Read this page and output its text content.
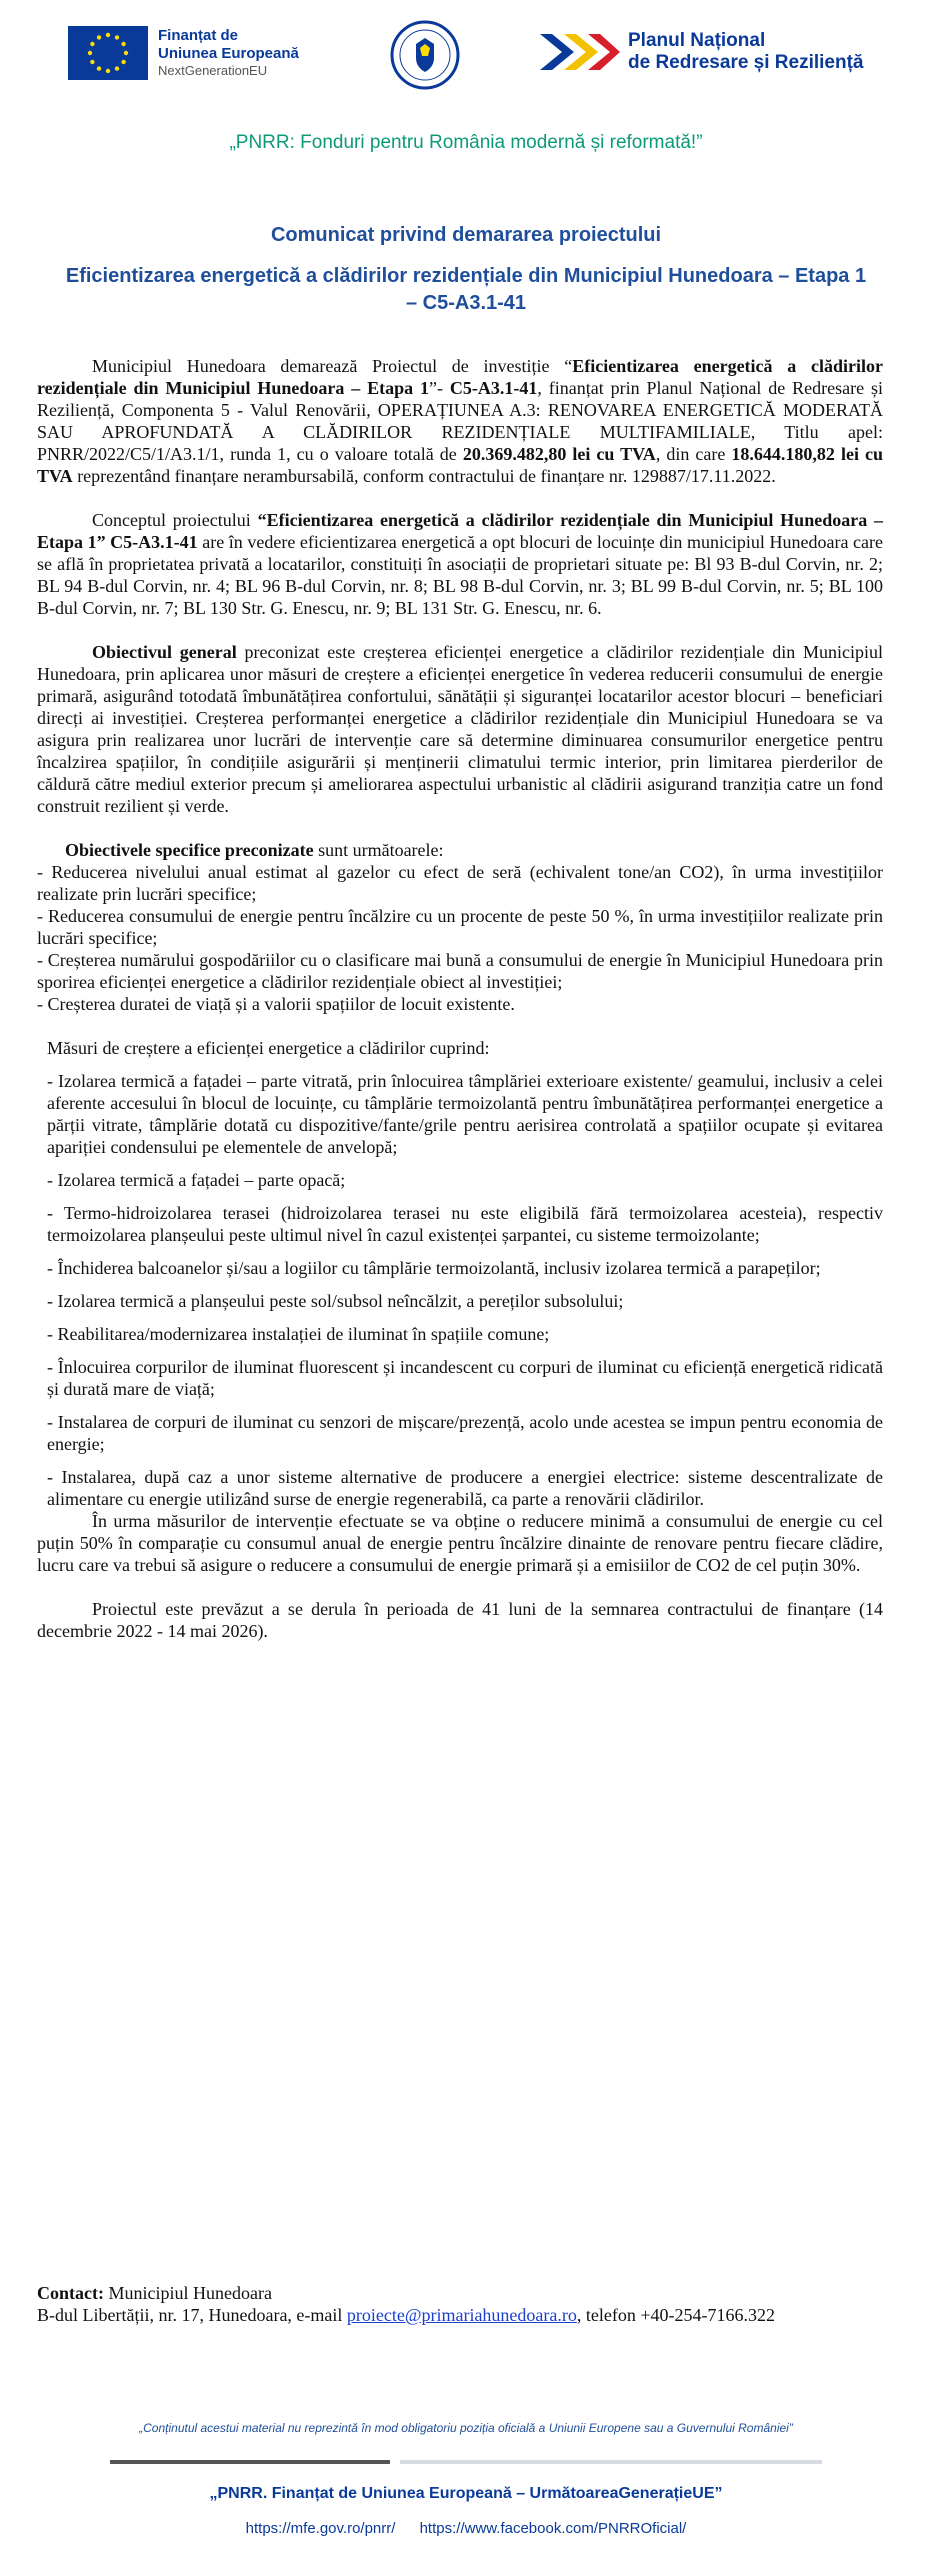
Finanțat de
Uniunea Europeană
NextGenerationEU
Planul Național
de Redresare și Reziliență
„PNRR: Fonduri pentru România modernă și reformată!”
Comunicat privind demararea proiectului
Eficientizarea energetică a clădirilor rezidențiale din Municipiul Hunedoara – Etapa 1 – C5-A3.1-41

Municipiul Hunedoara demarează Proiectul de investiție “Eficientizarea energetică a clădirilor rezidențiale din Municipiul Hunedoara – Etapa 1”- C5-A3.1-41, finanțat prin Planul Național de Redresare și Reziliență, Componenta 5 - Valul Renovării, OPERAȚIUNEA A.3: RENOVAREA ENERGETICĂ MODERATĂ SAU APROFUNDATĂ A CLĂDIRILOR REZIDENȚIALE MULTIFAMILIALE, Titlu apel: PNRR/2022/C5/1/A3.1/1, runda 1, cu o valoare totală de 20.369.482,80 lei cu TVA, din care 18.644.180,82 lei cu TVA reprezentând finanțare nerambursabilă, conform contractului de finanțare nr. 129887/17.11.2022.

Conceptul proiectului “Eficientizarea energetică a clădirilor rezidențiale din Municipiul Hunedoara – Etapa 1” C5-A3.1-41 are în vedere eficientizarea energetică a opt blocuri de locuințe din municipiul Hunedoara care se află în proprietatea privată a locatarilor, constituiți în asociații de proprietari situate pe: Bl 93 B-dul Corvin, nr. 2; BL 94 B-dul Corvin, nr. 4; BL 96 B-dul Corvin, nr. 8; BL 98 B-dul Corvin, nr. 3; BL 99 B-dul Corvin, nr. 5; BL 100 B-dul Corvin, nr. 7; BL 130 Str. G. Enescu, nr. 9; BL 131 Str. G. Enescu, nr. 6.

Obiectivul general preconizat este creșterea eficienței energetice a clădirilor rezidențiale din Municipiul Hunedoara, prin aplicarea unor măsuri de creștere a eficienței energetice în vederea reducerii consumului de energie primară, asigurând totodată îmbunătățirea confortului, sănătății și siguranței locatarilor acestor blocuri – beneficiari direcți ai investiției. Creșterea performanței energetice a clădirilor rezidențiale din Municipiul Hunedoara se va asigura prin realizarea unor lucrări de intervenție care să determine diminuarea consumurilor energetice pentru încalzirea spațiilor, în condițiile asigurării și menținerii climatului termic interior, prin limitarea pierderilor de căldură către mediul exterior precum și ameliorarea aspectului urbanistic al clădirii asigurand tranziția catre un fond construit rezilient și verde.

Obiectivele specifice preconizate sunt următoarele:

- Reducerea nivelului anual estimat al gazelor cu efect de seră (echivalent tone/an CO2), în urma investițiilor realizate prin lucrări specifice;

- Reducerea consumului de energie pentru încălzire cu un procente de peste 50 %, în urma investițiilor realizate prin lucrări specifice;

- Creșterea numărului gospodăriilor cu o clasificare mai bună a consumului de energie în Municipiul Hunedoara prin sporirea eficienței energetice a clădirilor rezidențiale obiect al investiției;

- Creșterea duratei de viață și a valorii spațiilor de locuit existente.

Măsuri de creștere a eficienței energetice a clădirilor cuprind:

- Izolarea termică a fațadei – parte vitrată, prin înlocuirea tâmplăriei exterioare existente/ geamului, inclusiv a celei aferente accesului în blocul de locuințe, cu tâmplărie termoizolantă pentru îmbunătățirea performanței energetice a părții vitrate, tâmplărie dotată cu dispozitive/fante/grile pentru aerisirea controlată a spațiilor ocupate și evitarea apariției condensului pe elementele de anvelopă;

- Izolarea termică a fațadei – parte opacă;

- Termo-hidroizolarea terasei (hidroizolarea terasei nu este eligibilă fără termoizolarea acesteia), respectiv termoizolarea planșeului peste ultimul nivel în cazul existenței șarpantei, cu sisteme termoizolante;

- Închiderea balcoanelor și/sau a logiilor cu tâmplărie termoizolantă, inclusiv izolarea termică a parapeților;

- Izolarea termică a planșeului peste sol/subsol neîncălzit, a pereților subsolului;

- Reabilitarea/modernizarea instalației de iluminat în spațiile comune;

- Înlocuirea corpurilor de iluminat fluorescent și incandescent cu corpuri de iluminat cu eficiență energetică ridicată și durată mare de viață;

- Instalarea de corpuri de iluminat cu senzori de mișcare/prezență, acolo unde acestea se impun pentru economia de energie;

- Instalarea, după caz a unor sisteme alternative de producere a energiei electrice: sisteme descentralizate de alimentare cu energie utilizând surse de energie regenerabilă, ca parte a renovării clădirilor.

În urma măsurilor de intervenție efectuate se va obține o reducere minimă a consumului de energie cu cel puțin 50% în comparație cu consumul anual de energie pentru încălzire dinainte de renovare pentru fiecare clădire, lucru care va trebui să asigure o reducere a consumului de energie primară și a emisiilor de CO2 de cel puțin 30%.

Proiectul este prevăzut a se derula în perioada de 41 luni de la semnarea contractului de finanțare (14 decembrie 2022 - 14 mai 2026).

Contact: Municipiul Hunedoara
B-dul Libertății, nr. 17, Hunedoara, e-mail proiecte@primariahunedoara.ro, telefon +40-254-7166.322
„Conținutul acestui material nu reprezintă în mod obligatoriu poziția oficială a Uniunii Europene sau a Guvernului României”
„PNRR. Finanțat de Uniunea Europeană – UrmătoareaGenerațieUE”
https://mfe.gov.ro/pnrr/ https://www.facebook.com/PNRROficial/
